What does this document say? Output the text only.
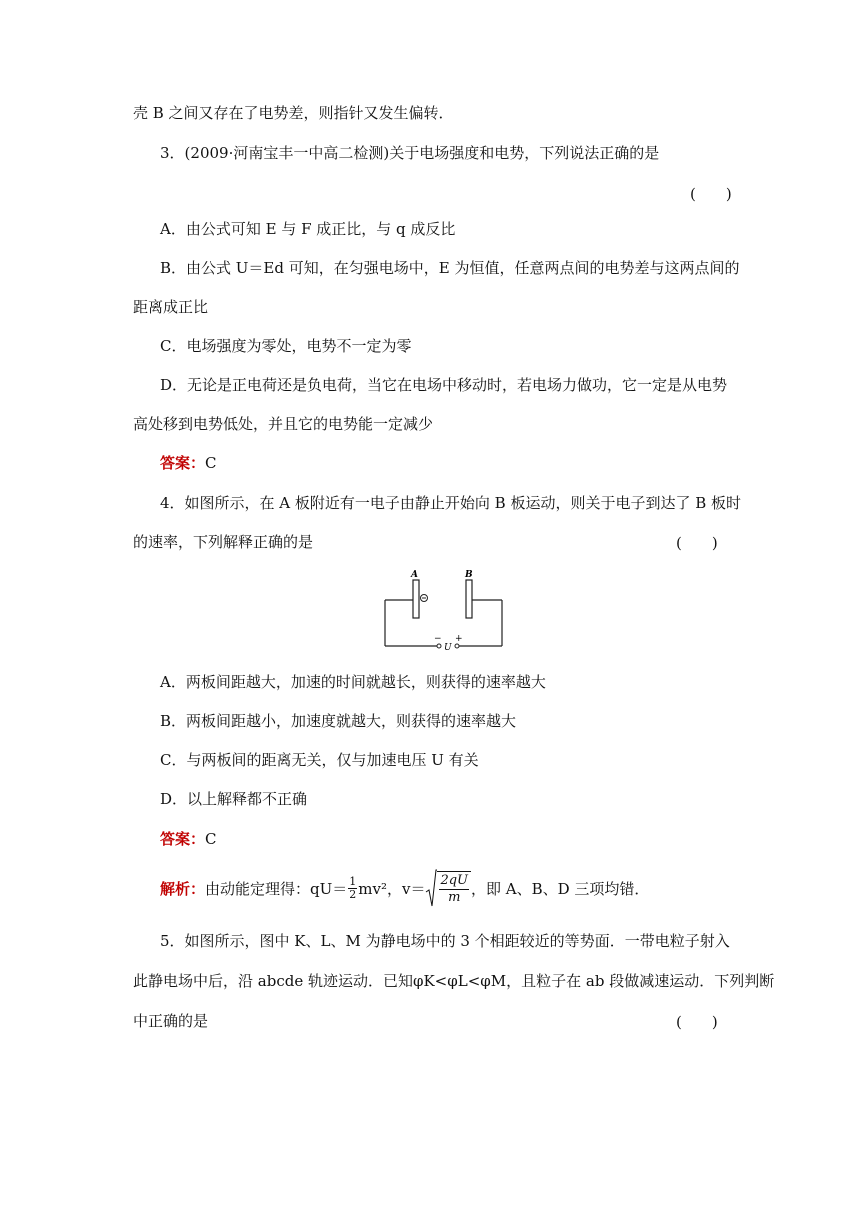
壳 B 之间又存在了电势差，则指针又发生偏转．
3．(2009·河南宝丰一中高二检测)关于电场强度和电势，下列说法正确的是
(　　)
A．由公式可知 E 与 F 成正比，与 q 成反比
B．由公式 U＝Ed 可知，在匀强电场中，E 为恒值，任意两点间的电势差与这两点间的
距离成正比
C．电场强度为零处，电势不一定为零
D．无论是正电荷还是负电荷，当它在电场中移动时，若电场力做功，它一定是从电势
高处移到电势低处，并且它的电势能一定减少
答案：C
4．如图所示，在 A 板附近有一电子由静止开始向 B 板运动，则关于电子到达了 B 板时
的速率，下列解释正确的是	(　　)
A	B
− +
U
A．两板间距越大，加速的时间就越长，则获得的速率越大
B．两板间距越小，加速度就越大，则获得的速率越大
C．与两板间的距离无关，仅与加速电压 U 有关
D．以上解释都不正确
答案：C
解析： 由动能定理得：$qU= \frac{1}{2} mv^2$，$v= \frac{2qU}{m}$ ，即 A、B、D 三项均错．
5．如图所示，图中 K、L、M 为静电场中的 3 个相距较近的等势面．一带电粒子射入
此静电场中后，沿 abcde 轨迹运动．已知φK<φL<φM，且粒子在 ab 段做减速运动．下列判断
中正确的是	(　　)
